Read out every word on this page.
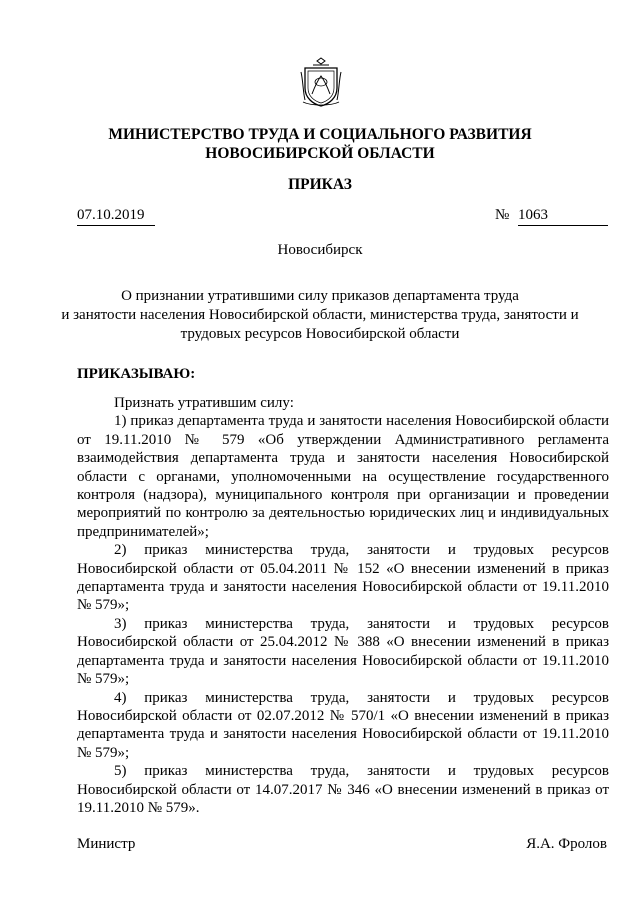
МИНИСТЕРСТВО ТРУДА И СОЦИАЛЬНОГО РАЗВИТИЯ
НОВОСИБИРСКОЙ ОБЛАСТИ
ПРИКАЗ
07.10.2019	№ 1063
Новосибирск
О признании утратившими силу приказов департамента труда
и занятости населения Новосибирской области, министерства труда, занятости и
трудовых ресурсов Новосибирской области
ПРИКАЗЫВАЮ:

Признать утратившим силу:

1) приказ департамента труда и занятости населения Новосибирской области от 19.11.2010 № 579 «Об утверждении Административного регламента взаимодействия департамента труда и занятости населения Новосибирской области с органами, уполномоченными на осуществление государственного контроля (надзора), муниципального контроля при организации и проведении мероприятий по контролю за деятельностью юридических лиц и индивидуальных предпринимателей»;

2) приказ министерства труда, занятости и трудовых ресурсов Новосибирской области от 05.04.2011 № 152 «О внесении изменений в приказ департамента труда и занятости населения Новосибирской области от 19.11.2010 № 579»;

3) приказ министерства труда, занятости и трудовых ресурсов Новосибирской области от 25.04.2012 № 388 «О внесении изменений в приказ департамента труда и занятости населения Новосибирской области от 19.11.2010 № 579»;

4) приказ министерства труда, занятости и трудовых ресурсов Новосибирской области от 02.07.2012 № 570/1 «О внесении изменений в приказ департамента труда и занятости населения Новосибирской области от 19.11.2010 № 579»;

5) приказ министерства труда, занятости и трудовых ресурсов Новосибирской области от 14.07.2017 № 346 «О внесении изменений в приказ от 19.11.2010 № 579».

Министр	Я.А. Фролов
